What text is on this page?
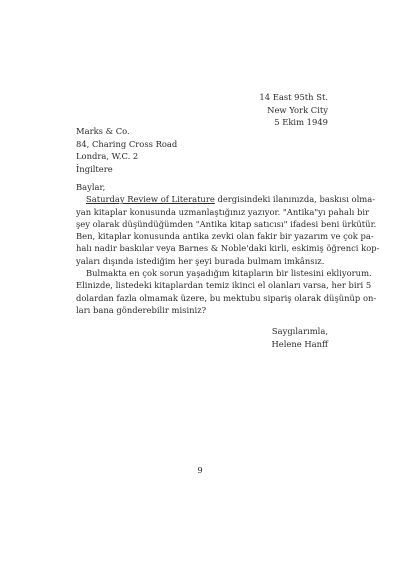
14 East 95th St.
New York City
5 Ekim 1949
Marks & Co.
84, Charing Cross Road
Londra, W.C. 2
İngiltere
Baylar,
Saturday Review of Literature dergisindeki ilanınızda, baskısı olma-
yan kitaplar konusunda uzmanlaştığınız yazıyor. "Antika"yı pahalı bir
şey olarak düşündüğümden "Antika kitap satıcısı" ifadesi beni ürkütür.
Ben, kitaplar konusunda antika zevki olan fakir bir yazarım ve çok pa-
halı nadir baskılar veya Barnes & Noble'daki kirli, eskimiş öğrenci kop-
yaları dışında istediğim her şeyi burada bulmam imkânsız.
Bulmakta en çok sorun yaşadığım kitapların bir listesini ekliyorum.
Elinizde, listedeki kitaplardan temiz ikinci el olanları varsa, her biri 5
dolardan fazla olmamak üzere, bu mektubu sipariş olarak düşünüp on-
ları bana gönderebilir misiniz?
Saygılarımla,
Helene Hanff
9
